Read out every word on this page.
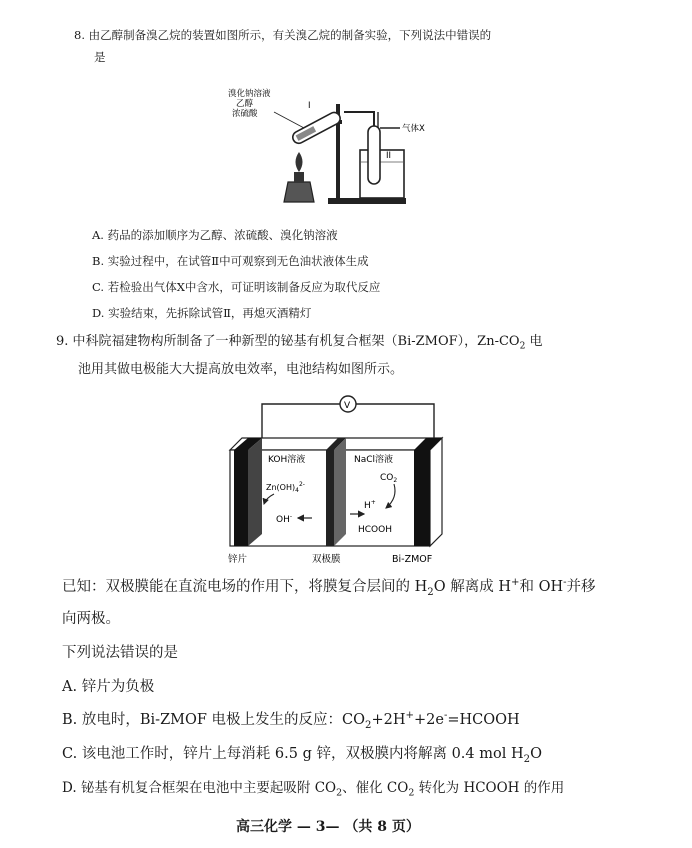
8. 由乙醇制备溴乙烷的装置如图所示，有关溴乙烷的制备实验，下列说法中错误的
是
溴化钠溶液
乙醇
浓硫酸
I
II
气体X
A. 药品的添加顺序为乙醇、浓硫酸、溴化钠溶液
B. 实验过程中，在试管Ⅱ中可观察到无色油状液体生成
C. 若检验出气体X中含水，可证明该制备反应为取代反应
D. 实验结束，先拆除试管Ⅱ，再熄灭酒精灯
9. 中科院福建物构所制备了一种新型的铋基有机复合框架（Bi-ZMOF），$Zn-CO_2$ 电
池用其做电极能大大提高放电效率，电池结构如图所示。
V
KOH溶液	NaCl溶液
$Zn(OH)_4^{2-}$
OH-
H+
$CO_2$
HCOOH
锌片	双极膜	Bi-ZMOF
已知：双极膜能在直流电场的作用下，将膜复合层间的 $H_2O$ 解离成 H+和 OH-并移
向两极。
下列说法错误的是
A. 锌片为负极
B. 放电时，Bi-ZMOF 电极上发生的反应：$CO_2+2H^++2e^-=HCOOH$
C. 该电池工作时，锌片上每消耗 6.5 g 锌，双极膜内将解离 0.4 mol $H_2O$
D. 铋基有机复合框架在电池中主要起吸附 $CO_2$、催化 $CO_2$ 转化为 HCOOH 的作用
高三化学 — 3— （共 8 页）
